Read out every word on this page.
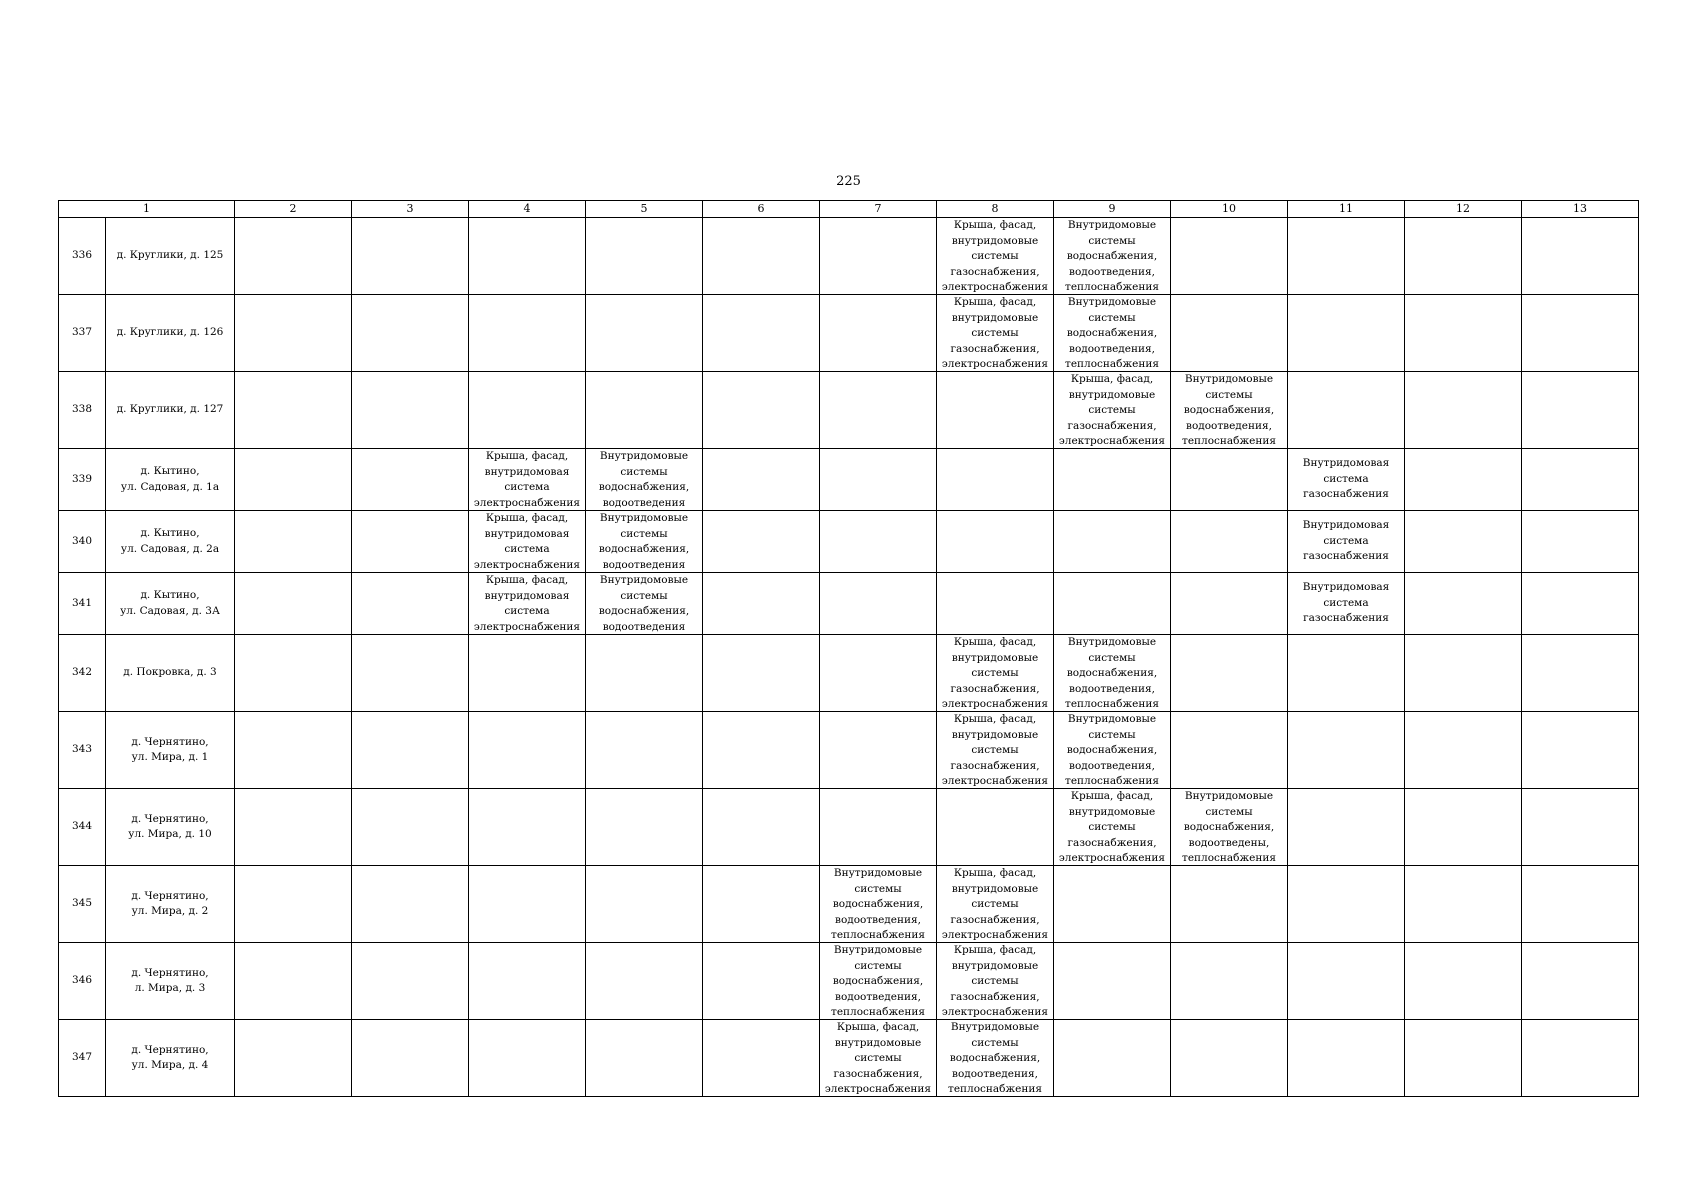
225
1		2	3	4	5	6	7	8	9	10	11	12	13
336	д. Круглики, д. 125							Крыша, фасад,
внутридомовые
системы
газоснабжения,
электроснабжения	Внутридомовые
системы
водоснабжения,
водоотведения,
теплоснабжения				

337	д. Круглики, д. 126							Крыша, фасад,
внутридомовые
системы
газоснабжения,
электроснабжения	Внутридомовые
системы
водоснабжения,
водоотведения,
теплоснабжения				

338	д. Круглики, д. 127								Крыша, фасад,
внутридомовые
системы
газоснабжения,
электроснабжения	Внутридомовые
системы
водоснабжения,
водоотведения,
теплоснабжения			

339	д. Кытино,
ул. Садовая, д. 1а			Крыша, фасад,
внутридомовая
система
электроснабжения	Внутридомовые
системы
водоснабжения,
водоотведения						Внутридомовая
система
газоснабжения		

340	д. Кытино,
ул. Садовая, д. 2а			Крыша, фасад,
внутридомовая
система
электроснабжения	Внутридомовые
системы
водоснабжения,
водоотведения						Внутридомовая
система
газоснабжения		

341	д. Кытино,
ул. Садовая, д. 3А			Крыша, фасад,
внутридомовая
система
электроснабжения	Внутридомовые
системы
водоснабжения,
водоотведения						Внутридомовая
система
газоснабжения		

342	д. Покровка, д. 3							Крыша, фасад,
внутридомовые
системы
газоснабжения,
электроснабжения	Внутридомовые
системы
водоснабжения,
водоотведения,
теплоснабжения				

343	д. Чернятино,
ул. Мира, д. 1							Крыша, фасад,
внутридомовые
системы
газоснабжения,
электроснабжения	Внутридомовые
системы
водоснабжения,
водоотведения,
теплоснабжения				

344	д. Чернятино,
ул. Мира, д. 10								Крыша, фасад,
внутридомовые
системы
газоснабжения,
электроснабжения	Внутридомовые
системы
водоснабжения,
водоотведены,
теплоснабжения			

345	д. Чернятино,
ул. Мира, д. 2						Внутридомовые
системы
водоснабжения,
водоотведения,
теплоснабжения	Крыша, фасад,
внутридомовые
системы
газоснабжения,
электроснабжения					

346	д. Чернятино,
л. Мира, д. 3						Внутридомовые
системы
водоснабжения,
водоотведения,
теплоснабжения	Крыша, фасад,
внутридомовые
системы
газоснабжения,
электроснабжения					

347	д. Чернятино,
ул. Мира, д. 4						Крыша, фасад,
внутридомовые
системы
газоснабжения,
электроснабжения	Внутридомовые
системы
водоснабжения,
водоотведения,
теплоснабжения					
